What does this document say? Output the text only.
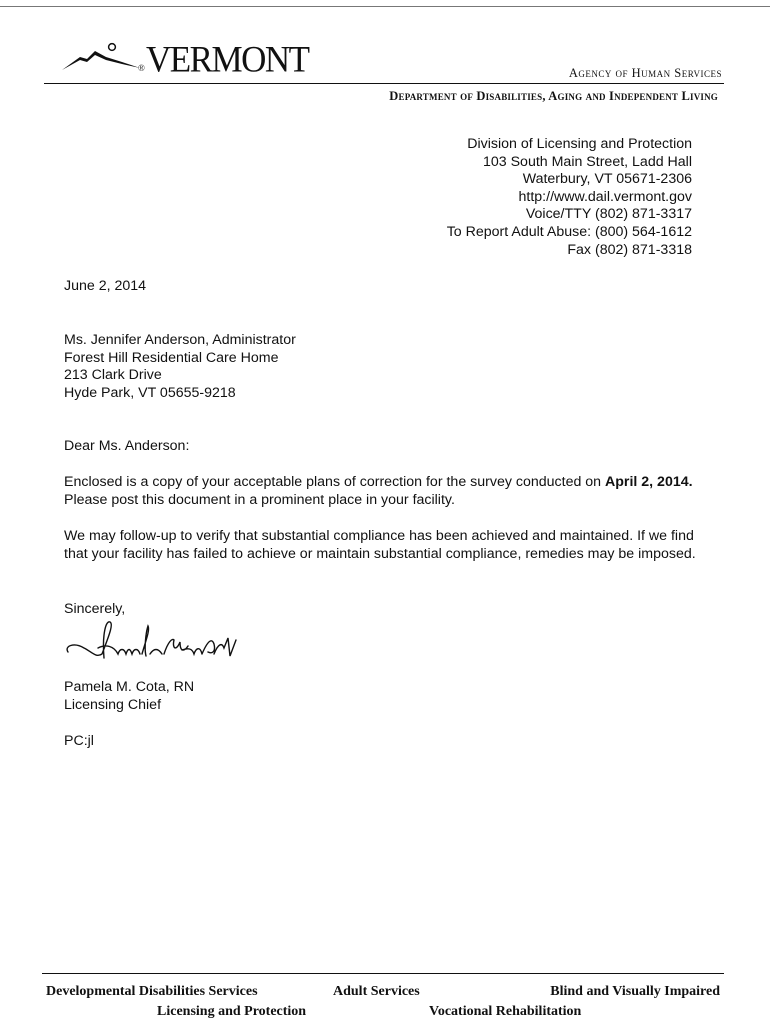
® VERMONT	Agency of Human Services
Department of Disabilities, Aging and Independent Living
Division of Licensing and Protection
103 South Main Street, Ladd Hall
Waterbury, VT 05671-2306
http://www.dail.vermont.gov
Voice/TTY (802) 871-3317
To Report Adult Abuse: (800) 564-1612
Fax (802) 871-3318
June 2, 2014
Ms. Jennifer Anderson, Administrator
Forest Hill Residential Care Home
213 Clark Drive
Hyde Park, VT 05655-9218
Dear Ms. Anderson:
Enclosed is a copy of your acceptable plans of correction for the survey conducted on April 2, 2014. Please post this document in a prominent place in your facility.
We may follow-up to verify that substantial compliance has been achieved and maintained. If we find that your facility has failed to achieve or maintain substantial compliance, remedies may be imposed.
Sincerely,
Pamela M. Cota, RN
Licensing Chief
PC:jl
Developmental Disabilities Services	Adult Services	Blind and Visually Impaired
Licensing and Protection	Vocational Rehabilitation
